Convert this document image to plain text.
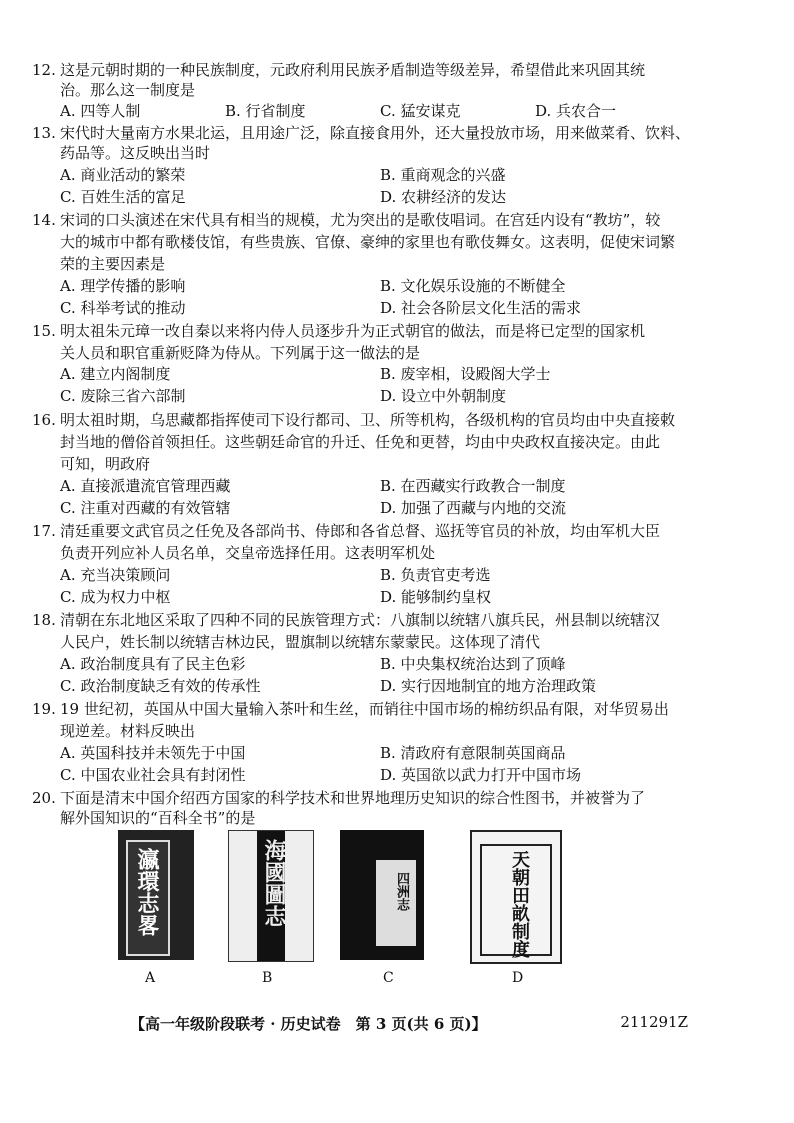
12. 这是元朝时期的一种民族制度，元政府利用民族矛盾制造等级差异，希望借此来巩固其统
治。那么这一制度是
A. 四等人制	B. 行省制度	C. 猛安谋克	D. 兵农合一
13. 宋代时大量南方水果北运，且用途广泛，除直接食用外，还大量投放市场，用来做菜肴、饮料、
药品等。这反映出当时
A. 商业活动的繁荣	B. 重商观念的兴盛
C. 百姓生活的富足	D. 农耕经济的发达
14. 宋词的口头演述在宋代具有相当的规模，尤为突出的是歌伎唱词。在宫廷内设有“教坊”，较
大的城市中都有歌楼伎馆，有些贵族、官僚、豪绅的家里也有歌伎舞女。这表明，促使宋词繁
荣的主要因素是
A. 理学传播的影响	B. 文化娱乐设施的不断健全
C. 科举考试的推动	D. 社会各阶层文化生活的需求
15. 明太祖朱元璋一改自秦以来将内侍人员逐步升为正式朝官的做法，而是将已定型的国家机
关人员和职官重新贬降为侍从。下列属于这一做法的是
A. 建立内阁制度	B. 废宰相，设殿阁大学士
C. 废除三省六部制	D. 设立中外朝制度
16. 明太祖时期，乌思藏都指挥使司下设行都司、卫、所等机构，各级机构的官员均由中央直接敕
封当地的僧俗首领担任。这些朝廷命官的升迁、任免和更替，均由中央政权直接决定。由此
可知，明政府
A. 直接派遣流官管理西藏	B. 在西藏实行政教合一制度
C. 注重对西藏的有效管辖	D. 加强了西藏与内地的交流
17. 清廷重要文武官员之任免及各部尚书、侍郎和各省总督、巡抚等官员的补放，均由军机大臣
负责开列应补人员名单，交皇帝选择任用。这表明军机处
A. 充当决策顾问	B. 负责官吏考选
C. 成为权力中枢	D. 能够制约皇权
18. 清朝在东北地区采取了四种不同的民族管理方式：八旗制以统辖八旗兵民，州县制以统辖汉
人民户，姓长制以统辖吉林边民，盟旗制以统辖东蒙蒙民。这体现了清代
A. 政治制度具有了民主色彩	B. 中央集权统治达到了顶峰
C. 政治制度缺乏有效的传承性	D. 实行因地制宜的地方治理政策
19. 19 世纪初，英国从中国大量输入茶叶和生丝，而销往中国市场的棉纺织品有限，对华贸易出
现逆差。材料反映出
A. 英国科技并未领先于中国	B. 清政府有意限制英国商品
C. 中国农业社会具有封闭性	D. 英国欲以武力打开中国市场
20. 下面是清末中国介绍西方国家的科学技术和世界地理历史知识的综合性图书，并被誉为了
解外国知识的“百科全书”的是
瀛環志畧	海國圖志	四洲志	天朝田畝制度
A	B	C	D
【高一年级阶段联考 · 历史试卷　第 3 页(共 6 页)】	211291Z
